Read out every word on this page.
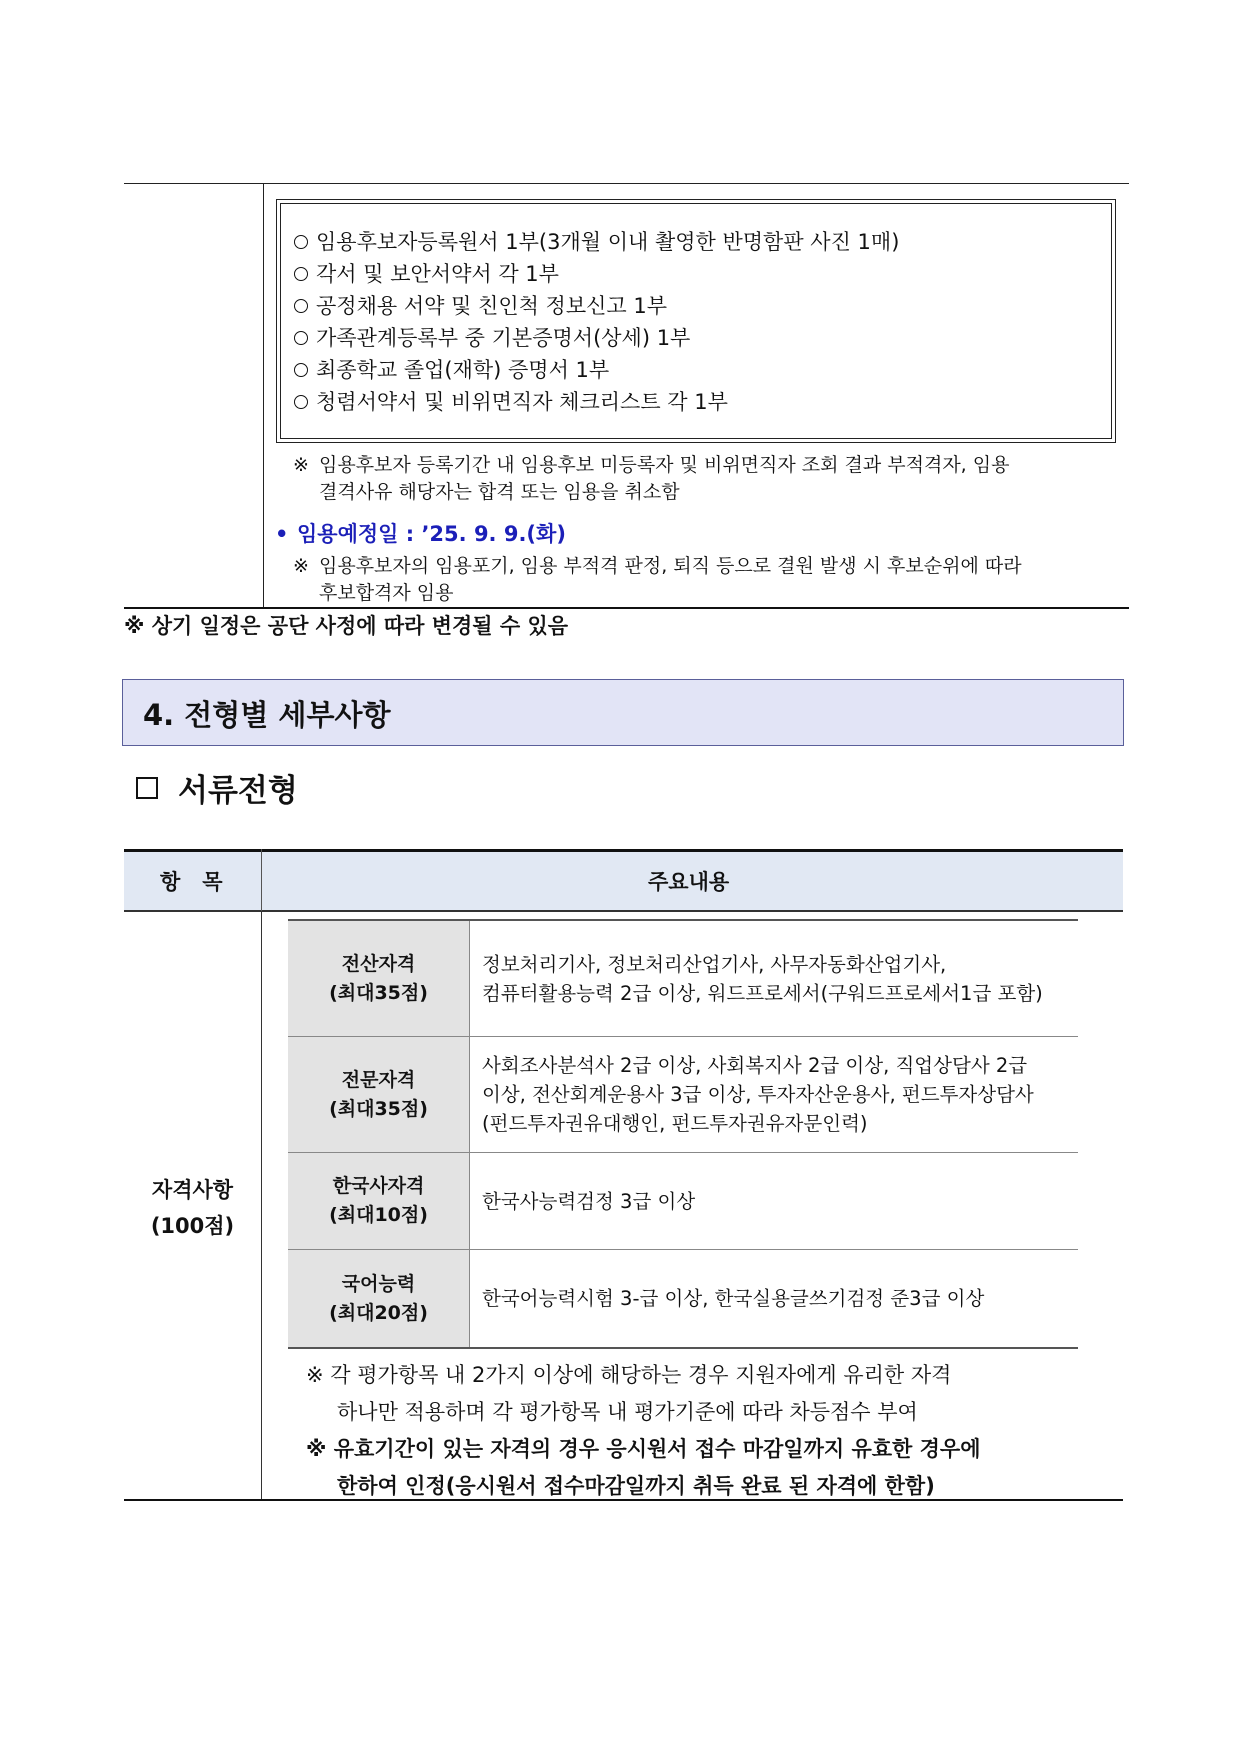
임용후보자등록원서 1부(3개월 이내 촬영한 반명함판 사진 1매)
각서 및 보안서약서 각 1부
공정채용 서약 및 친인척 정보신고 1부
가족관계등록부 중 기본증명서(상세) 1부
최종학교 졸업(재학) 증명서 1부
청렴서약서 및 비위면직자 체크리스트 각 1부
※ 임용후보자 등록기간 내 임용후보 미등록자 및 비위면직자 조회 결과 부적격자, 임용
결격사유 해당자는 합격 또는 임용을 취소함
• 임용예정일 : ’25. 9. 9.(화)
※ 임용후보자의 임용포기, 임용 부적격 판정, 퇴직 등으로 결원 발생 시 후보순위에 따라
후보합격자 임용
※ 상기 일정은 공단 사정에 따라 변경될 수 있음
4. 전형별 세부사항
서류전형
항   목	주요내용
자격사항
(100점)
전산자격
(최대35점)
정보처리기사, 정보처리산업기사, 사무자동화산업기사,
컴퓨터활용능력 2급 이상, 워드프로세서(구워드프로세서1급 포함)
전문자격
(최대35점)
사회조사분석사 2급 이상, 사회복지사 2급 이상, 직업상담사 2급
이상, 전산회계운용사 3급 이상, 투자자산운용사, 펀드투자상담사
(펀드투자권유대행인, 펀드투자권유자문인력)
한국사자격
(최대10점)
한국사능력검정 3급 이상
국어능력
(최대20점)
한국어능력시험 3-급 이상, 한국실용글쓰기검정 준3급 이상
※ 각 평가항목 내 2가지 이상에 해당하는 경우 지원자에게 유리한 자격
하나만 적용하며 각 평가항목 내 평가기준에 따라 차등점수 부여
※ 유효기간이 있는 자격의 경우 응시원서 접수 마감일까지 유효한 경우에
한하여 인정(응시원서 접수마감일까지 취득 완료 된 자격에 한함)
